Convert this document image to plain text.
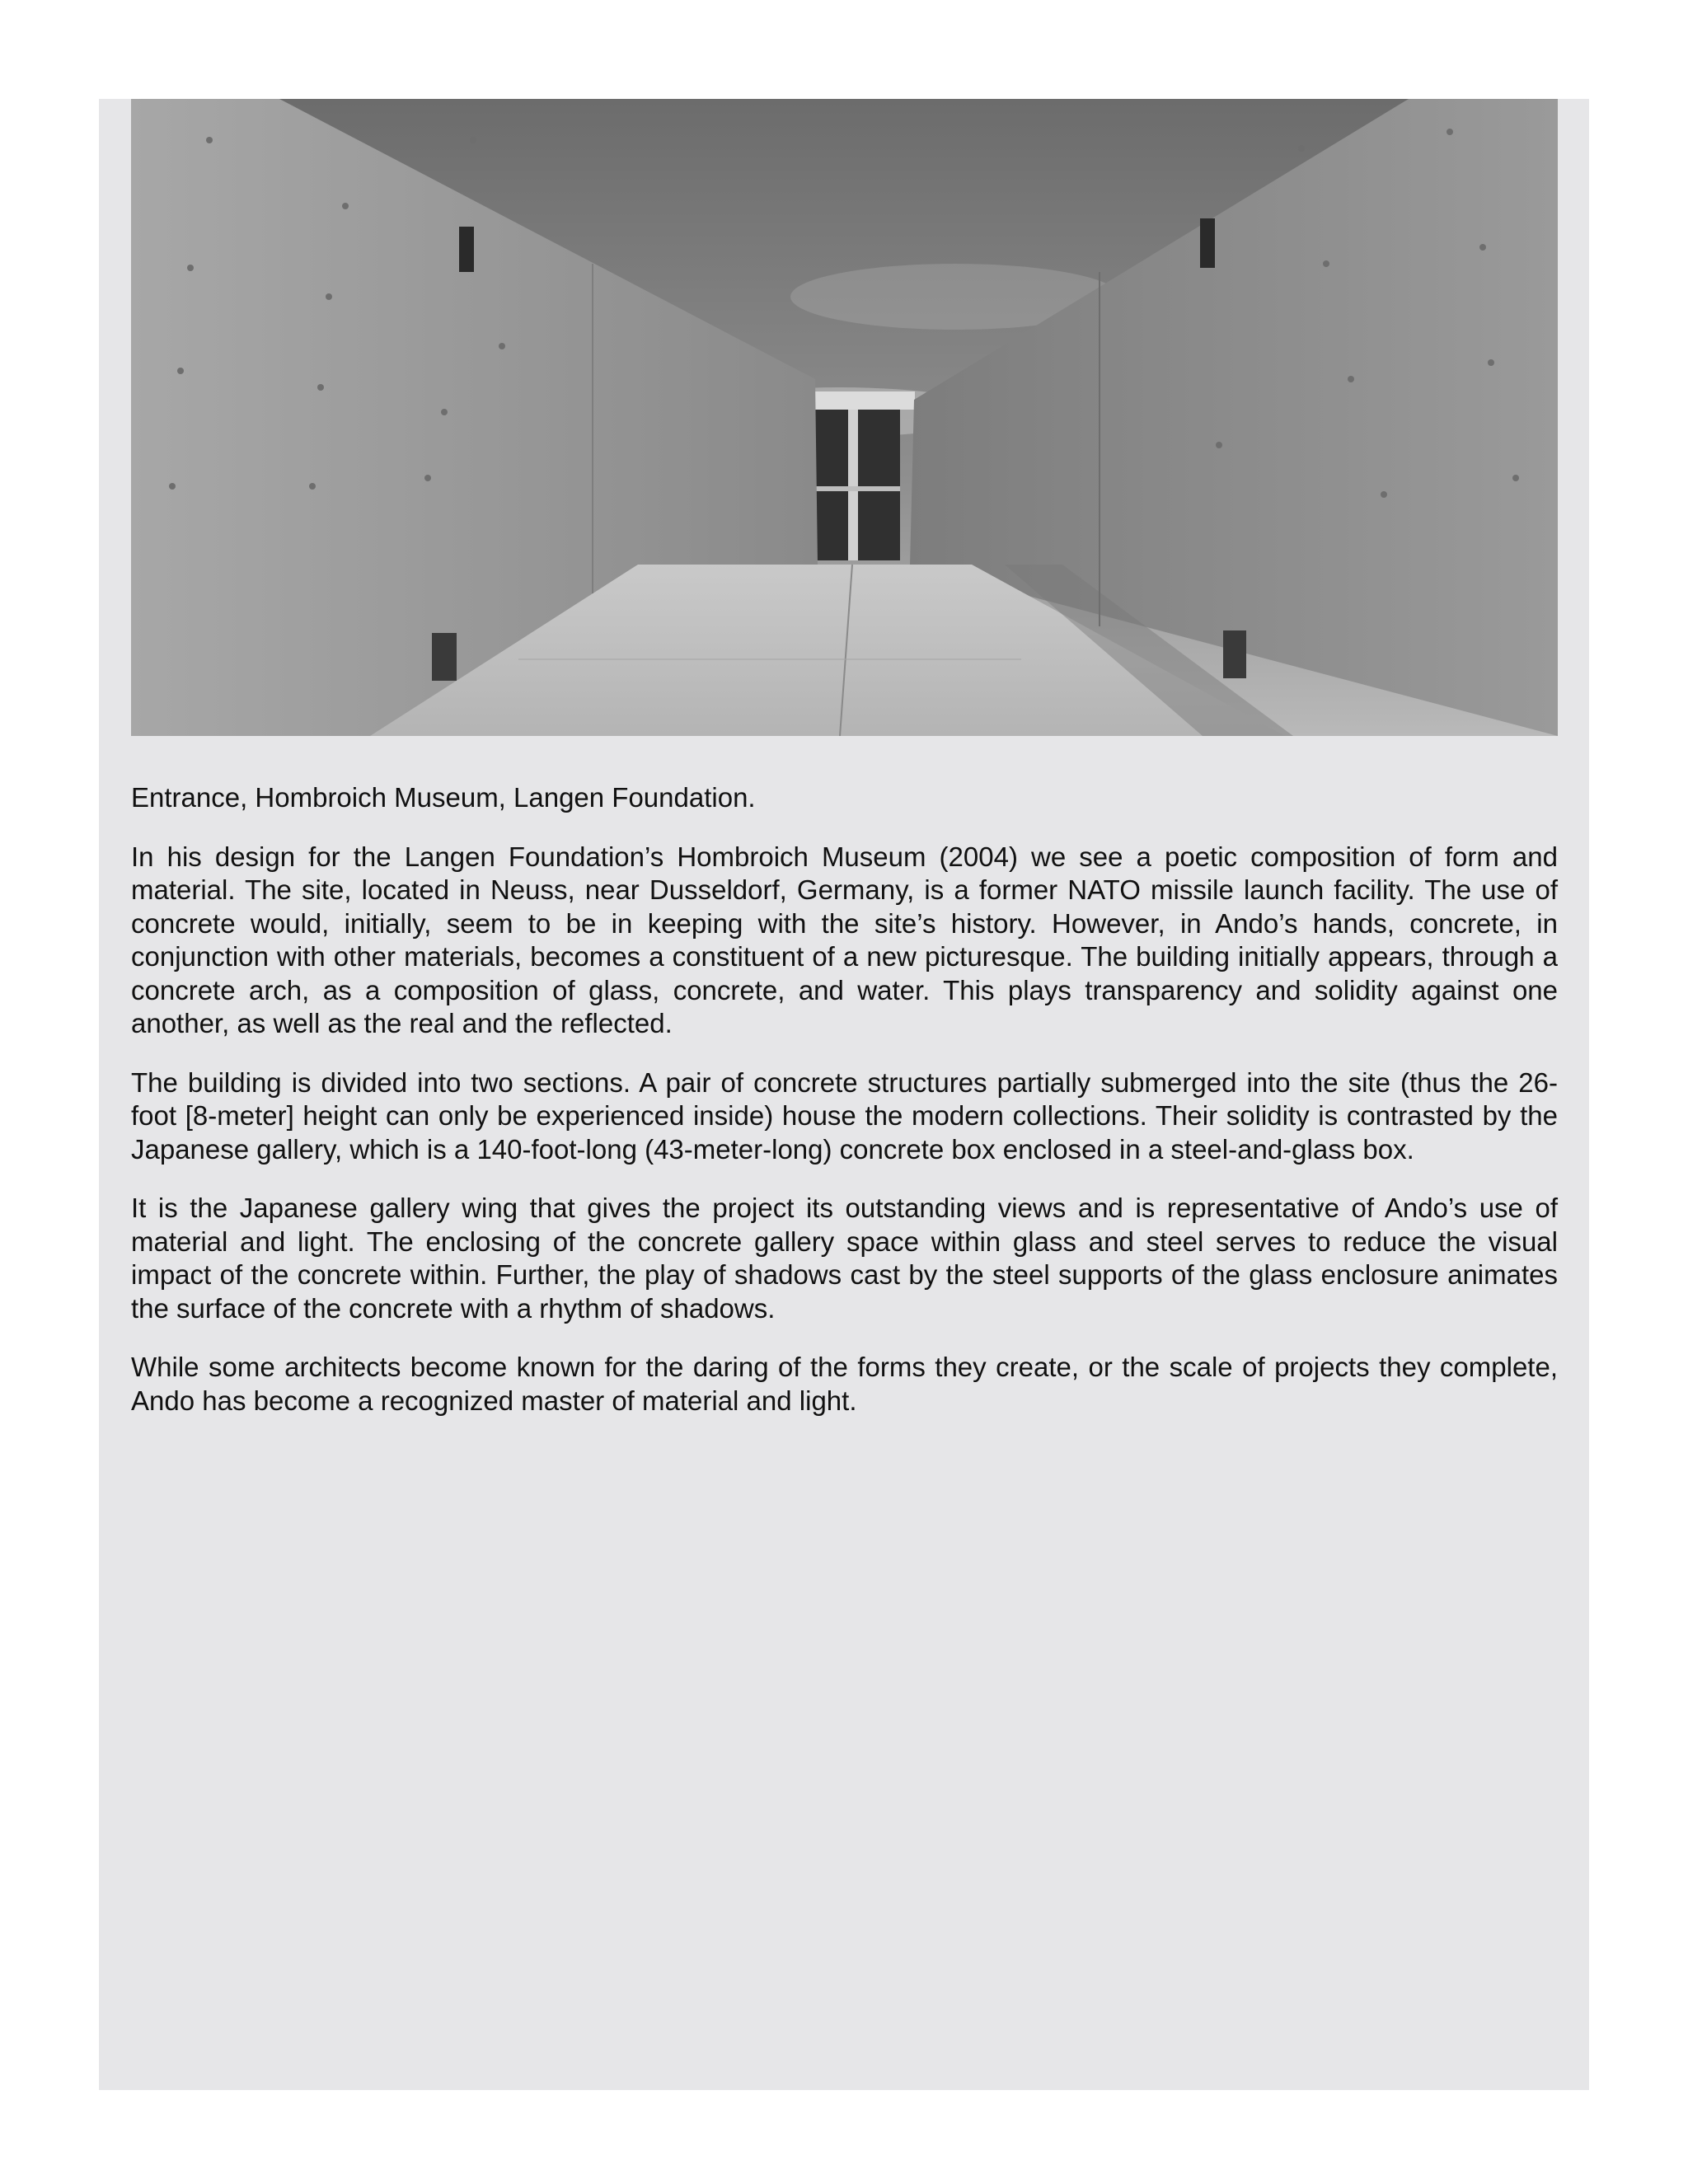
Entrance, Hombroich Museum, Langen Foundation.

In his design for the Langen Foundation’s Hombroich Museum (2004) we see a poetic composition of form and material. The site, located in Neuss, near Dusseldorf, Germany, is a former NATO missile launch facility. The use of concrete would, initially, seem to be in keeping with the site’s history. However, in Ando’s hands, concrete, in conjunction with other materials, becomes a constituent of a new picturesque. The building initially appears, through a concrete arch, as a composition of glass, concrete, and water. This plays transparency and solidity against one another, as well as the real and the reflected.

The building is divided into two sections. A pair of concrete structures partially submerged into the site (thus the 26-foot [8-meter] height can only be experienced inside) house the modern collections. Their solidity is contrasted by the Japanese gallery, which is a 140-foot-long (43-meter-long) concrete box enclosed in a steel-and-glass box.

It is the Japanese gallery wing that gives the project its outstanding views and is representative of Ando’s use of material and light. The enclosing of the concrete gallery space within glass and steel serves to reduce the visual impact of the concrete within. Further, the play of shadows cast by the steel supports of the glass enclosure animates the surface of the concrete with a rhythm of shadows.

While some architects become known for the daring of the forms they create, or the scale of projects they complete, Ando has become a recognized master of material and light.
